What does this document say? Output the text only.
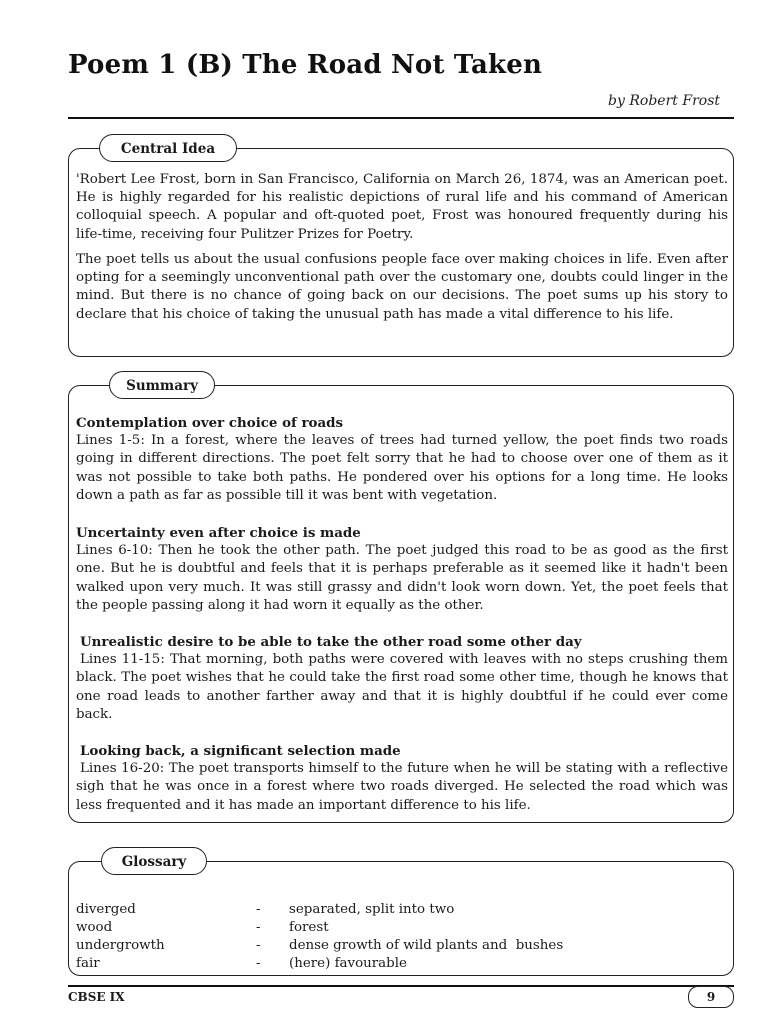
Poem 1 (B) The Road Not Taken
by Robert Frost
Central Idea

'Robert Lee Frost, born in San Francisco, California on March 26, 1874, was an American poet. He is highly regarded for his realistic depictions of rural life and his command of American colloquial speech. A popular and oft-quoted poet, Frost was honoured frequently during his life-time, receiving four Pulitzer Prizes for Poetry.

The poet tells us about the usual confusions people face over making choices in life. Even after opting for a seemingly unconventional path over the customary one, doubts could linger in the mind. But there is no chance of going back on our decisions. The poet sums up his story to declare that his choice of taking the unusual path has made a vital difference to his life.

Summary
Contemplation over choice of roads
Lines 1-5: In a forest, where the leaves of trees had turned yellow, the poet finds two roads going in different directions. The poet felt sorry that he had to choose over one of them as it was not possible to take both paths. He pondered over his options for a long time. He looks down a path as far as possible till it was bent with vegetation.
Uncertainty even after choice is made
Lines 6-10: Then he took the other path. The poet judged this road to be as good as the first one. But he is doubtful and feels that it is perhaps preferable as it seemed like it hadn't been walked upon very much. It was still grassy and didn't look worn down. Yet, the poet feels that the people passing along it had worn it equally as the other.
Unrealistic desire to be able to take the other road some other day
Lines 11-15: That morning, both paths were covered with leaves with no steps crushing them black. The poet wishes that he could take the first road some other time, though he knows that one road leads to another farther away and that it is highly doubtful if he could ever come back.
Looking back, a significant selection made
Lines 16-20: The poet transports himself to the future when he will be stating with a reflective sigh that he was once in a forest where two roads diverged. He selected the road which was less frequented and it has made an important difference to his life.
Glossary
diverged	- separated, split into two
wood	- forest
undergrowth	- dense growth of wild plants and  bushes
fair	- (here) favourable
CBSE IX	9
